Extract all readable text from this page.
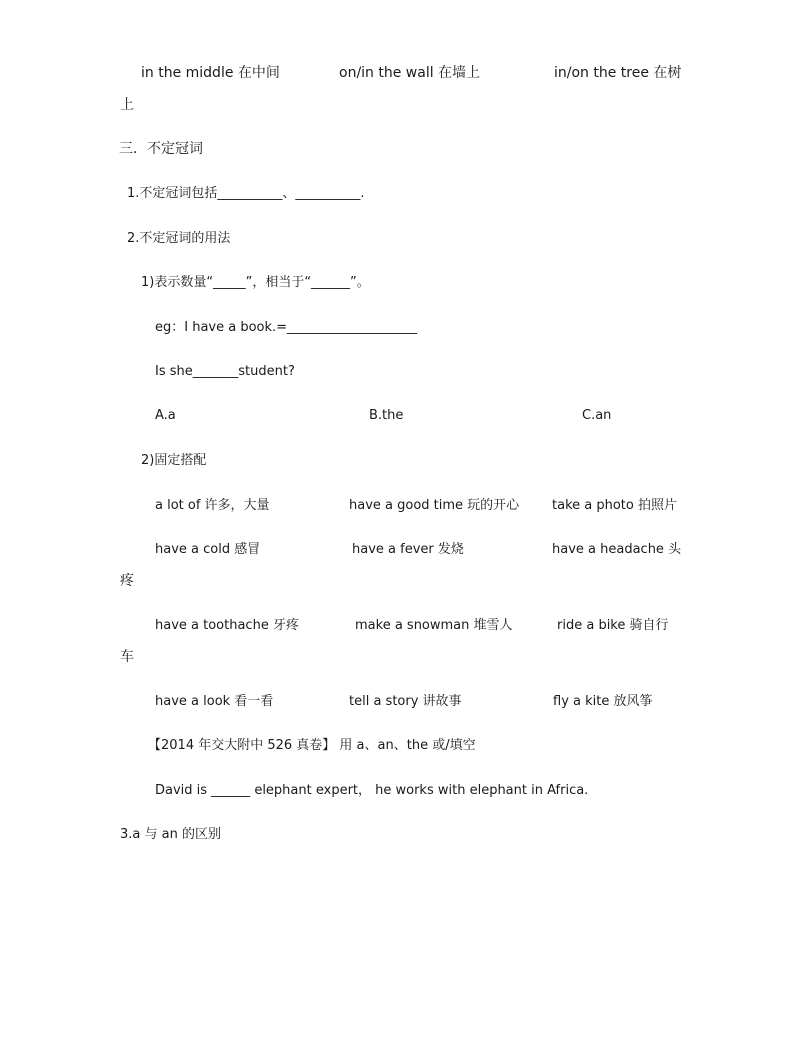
in the middle 在中间	on/in the wall 在墙上	in/on the tree 在树
上
三．不定冠词
1.不定冠词包括__________、__________.
2.不定冠词的用法
1)表示数量“_____”，相当于“______”。
eg：I have a book.=____________________
Is she_______student?
A.a	B.the	C.an
2)固定搭配
a lot of 许多，大量	have a good time 玩的开心	take a photo 拍照片
have a cold 感冒	have a fever 发烧	have a headache 头
疼
have a toothache 牙疼	make a snowman 堆雪人	ride a bike 骑自行
车
have a look 看一看	tell a story 讲故事	fly a kite 放风筝
【2014 年交大附中 526 真卷】 用 a、an、the 或/填空
David is ______ elephant expert， he works with elephant in Africa.
3.a 与 an 的区别
